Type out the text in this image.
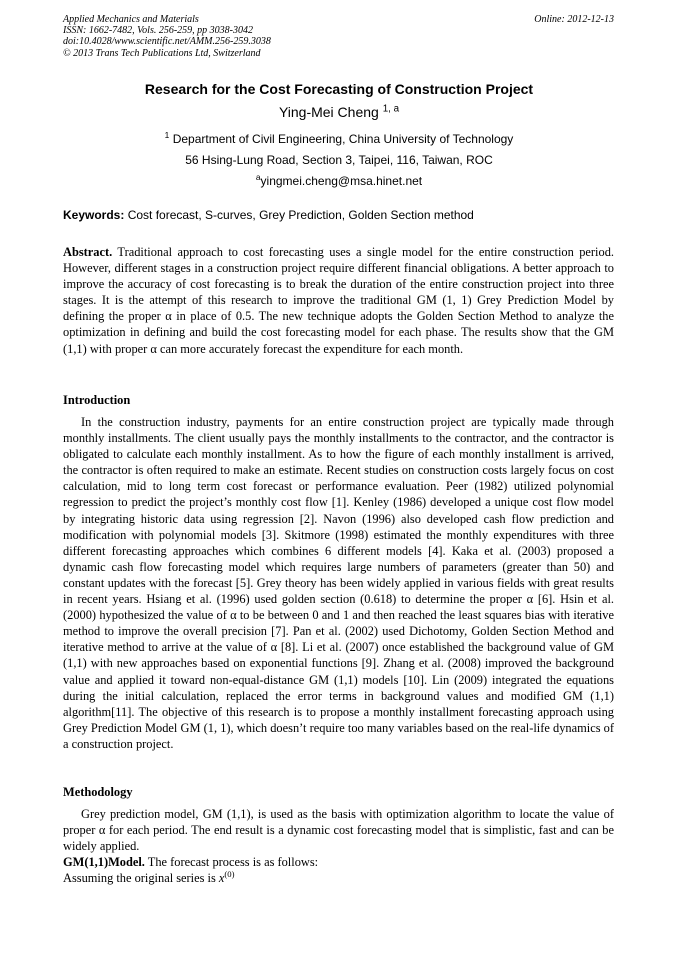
Applied Mechanics and Materials
ISSN: 1662-7482, Vols. 256-259, pp 3038-3042
doi:10.4028/www.scientific.net/AMM.256-259.3038
© 2013 Trans Tech Publications Ltd, Switzerland
Online: 2012-12-13
Research for the Cost Forecasting of Construction Project
Ying-Mei Cheng $^{1, a}$
$^1$ Department of Civil Engineering, China University of Technology
56 Hsing-Lung Road, Section 3, Taipei, 116, Taiwan, ROC
$^a$yingmei.cheng@msa.hinet.net
Keywords: Cost forecast, S-curves, Grey Prediction, Golden Section method

Abstract. Traditional approach to cost forecasting uses a single model for the entire construction period. However, different stages in a construction project require different financial obligations. A better approach to improve the accuracy of cost forecasting is to break the duration of the entire construction project into three stages. It is the attempt of this research to improve the traditional GM (1, 1) Grey Prediction Model by defining the proper α in place of 0.5. The new technique adopts the Golden Section Method to analyze the optimization in defining and build the cost forecasting model for each phase. The results show that the GM (1,1) with proper α can more accurately forecast the expenditure for each month.

Introduction

In the construction industry, payments for an entire construction project are typically made through monthly installments. The client usually pays the monthly installments to the contractor, and the contractor is obligated to calculate each monthly installment. As to how the figure of each monthly installment is arrived, the contractor is often required to make an estimate. Recent studies on construction costs largely focus on cost calculation, mid to long term cost forecast or performance evaluation. Peer (1982) utilized polynomial regression to predict the project’s monthly cost flow [1]. Kenley (1986) developed a unique cost flow model by integrating historic data using regression [2]. Navon (1996) also developed cash flow prediction and modification with polynomial models [3]. Skitmore (1998) estimated the monthly expenditures with three different forecasting approaches which combines 6 different models [4]. Kaka et al. (2003) proposed a dynamic cash flow forecasting model which requires large numbers of parameters (greater than 50) and constant updates with the forecast [5]. Grey theory has been widely applied in various fields with great results in recent years. Hsiang et al. (1996) used golden section (0.618) to determine the proper α [6]. Hsin et al. (2000) hypothesized the value of α to be between 0 and 1 and then reached the least squares bias with iterative method to improve the overall precision [7]. Pan et al. (2002) used Dichotomy, Golden Section Method and iterative method to arrive at the value of α [8]. Li et al. (2007) once established the background value of GM (1,1) with new approaches based on exponential functions [9]. Zhang et al. (2008) improved the background value and applied it toward non-equal-distance GM (1,1) models [10]. Lin (2009) integrated the equations during the initial calculation, replaced the error terms in background values and modified GM (1,1) algorithm[11]. The objective of this research is to propose a monthly installment forecasting approach using Grey Prediction Model GM (1, 1), which doesn’t require too many variables based on the real-life dynamics of a construction project.

Methodology

Grey prediction model, GM (1,1), is used as the basis with optimization algorithm to locate the value of proper α for each period. The end result is a dynamic cost forecasting model that is simplistic, fast and can be widely applied.

GM(1,1)Model. The forecast process is as follows:

Assuming the original series is $x^{(0)}$
